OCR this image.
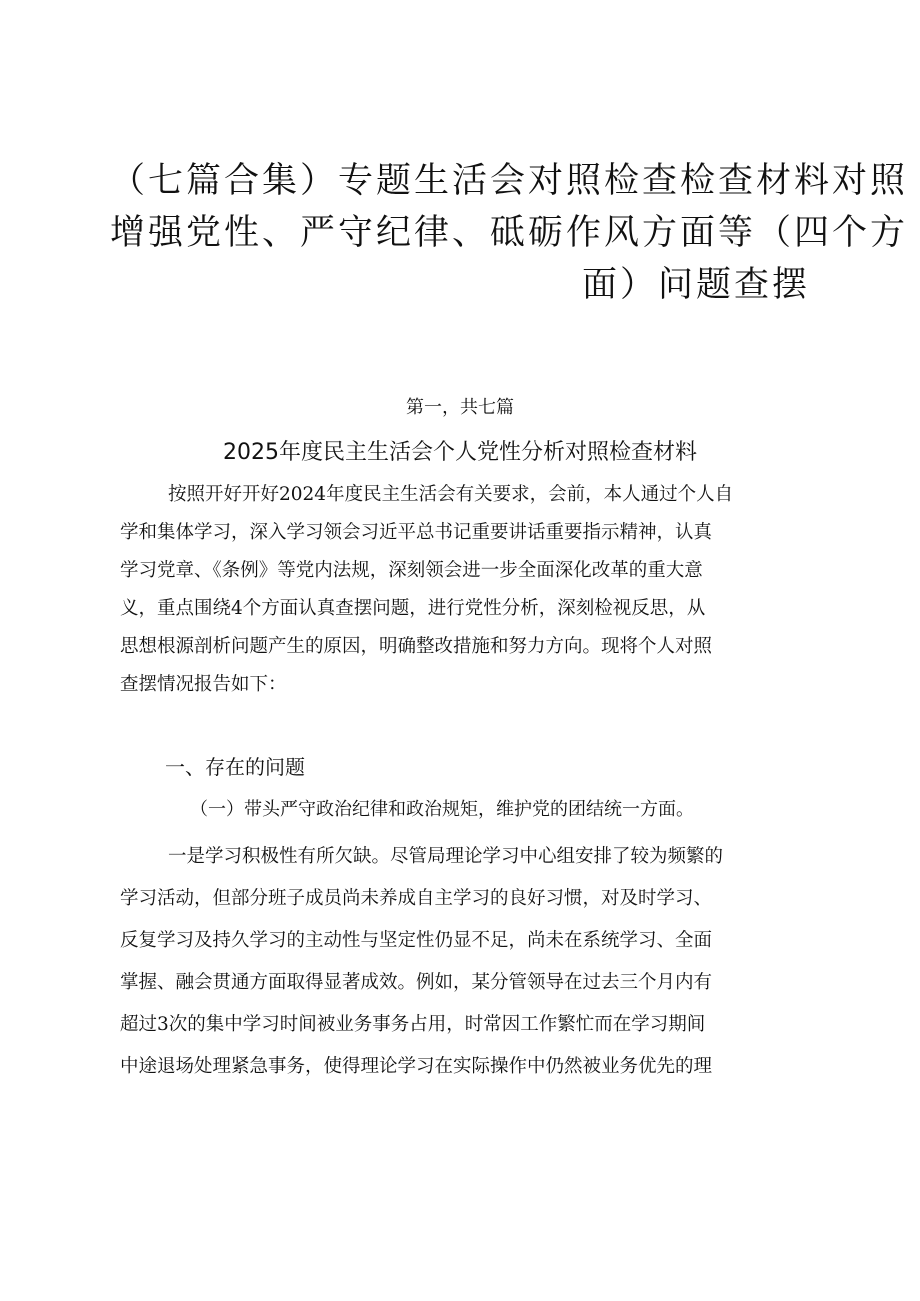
（七篇合集）专题生活会对照检查检查材料对照
增强党性、严守纪律、砥砺作风方面等（四个方
面）问题查摆
第一，共七篇
2025年度民主生活会个人党性分析对照检查材料
按照开好开好2024年度民主生活会有关要求，会前，本人通过个人自
学和集体学习，深入学习领会习近平总书记重要讲话重要指示精神，认真
学习党章、《条例》等党内法规，深刻领会进一步全面深化改革的重大意
义，重点围绕4个方面认真查摆问题，进行党性分析，深刻检视反思，从
思想根源剖析问题产生的原因，明确整改措施和努力方向。现将个人对照
查摆情况报告如下：
一、存在的问题
（一）带头严守政治纪律和政治规矩，维护党的团结统一方面。
一是学习积极性有所欠缺。尽管局理论学习中心组安排了较为频繁的
学习活动，但部分班子成员尚未养成自主学习的良好习惯，对及时学习、
反复学习及持久学习的主动性与坚定性仍显不足，尚未在系统学习、全面
掌握、融会贯通方面取得显著成效。例如，某分管领导在过去三个月内有
超过3次的集中学习时间被业务事务占用，时常因工作繁忙而在学习期间
中途退场处理紧急事务，使得理论学习在实际操作中仍然被业务优先的理
